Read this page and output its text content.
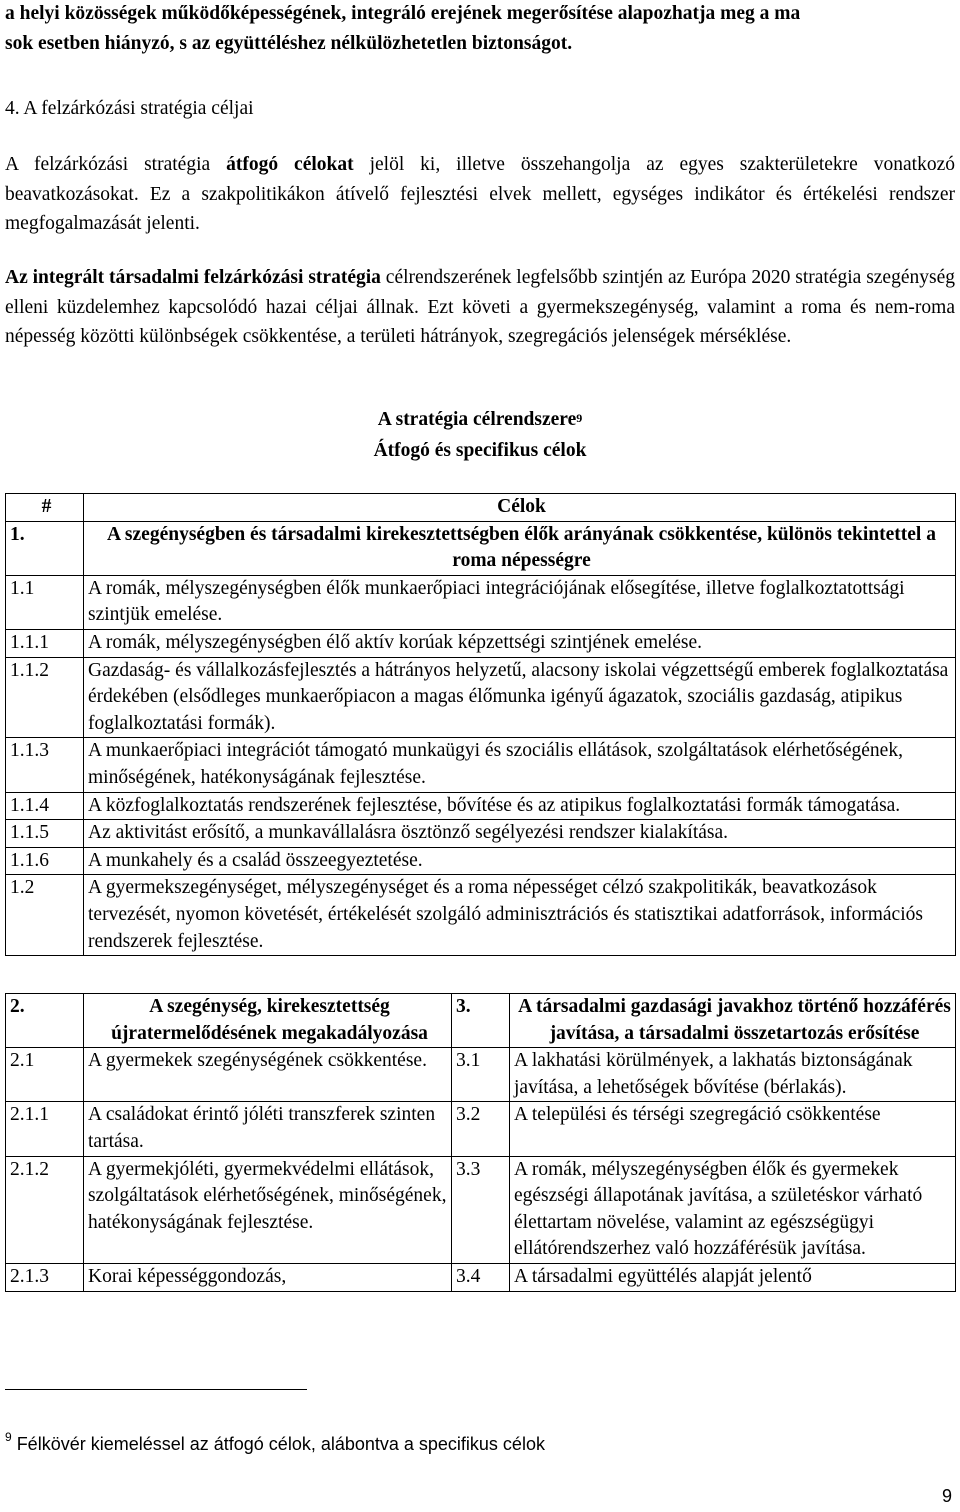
a helyi közösségek működőképességének, integráló erejének megerősítése alapozhatja meg a ma
sok esetben hiányzó, s az együttéléshez nélkülözhetetlen biztonságot.
4. A felzárkózási stratégia céljai

A felzárkózási stratégia átfogó célokat jelöl ki, illetve összehangolja az egyes szakterületekre vonatkozó beavatkozásokat. Ez a szakpolitikákon átívelő fejlesztési elvek mellett, egységes indikátor és értékelési rendszer megfogalmazását jelenti.

Az integrált társadalmi felzárkózási stratégia célrendszerének legfelsőbb szintjén az Európa 2020 stratégia szegénység elleni küzdelemhez kapcsolódó hazai céljai állnak. Ezt követi a gyermekszegénység, valamint a roma és nem-roma népesség közötti különbségek csökkentése, a területi hátrányok, szegregációs jelenségek mérséklése.

A stratégia célrendszere$^9$
Átfogó és specifikus célok
#	Célok
1.	A szegénységben és társadalmi kirekesztettségben élők arányának csökkentése, különös tekintettel a roma népességre
1.1	A romák, mélyszegénységben élők munkaerőpiaci integrációjának elősegítése, illetve foglalkoztatottsági szintjük emelése.
1.1.1	A romák, mélyszegénységben élő aktív korúak képzettségi szintjének emelése.
1.1.2	Gazdaság- és vállalkozásfejlesztés a hátrányos helyzetű, alacsony iskolai végzettségű emberek foglalkoztatása érdekében (elsődleges munkaerőpiacon a magas élőmunka igényű ágazatok, szociális gazdaság, atipikus foglalkoztatási formák).
1.1.3	A munkaerőpiaci integrációt támogató munkaügyi és szociális ellátások, szolgáltatások elérhetőségének, minőségének, hatékonyságának fejlesztése.
1.1.4	A közfoglalkoztatás rendszerének fejlesztése, bővítése és az atipikus foglalkoztatási formák támogatása.
1.1.5	Az aktivitást erősítő, a munkavállalásra ösztönző segélyezési rendszer kialakítása.
1.1.6	A munkahely és a család összeegyeztetése.
1.2	A gyermekszegénységet, mélyszegénységet és a roma népességet célzó szakpolitikák, beavatkozások tervezését, nyomon követését, értékelését szolgáló adminisztrációs és statisztikai adatforrások, információs rendszerek fejlesztése.
2.	A szegénység, kirekesztettség újratermelődésének megakadályozása	3.	A társadalmi gazdasági javakhoz történő hozzáférés javítása, a társadalmi összetartozás erősítése
2.1	A gyermekek szegénységének csökkentése.	3.1	A lakhatási körülmények, a lakhatás biztonságának javítása, a lehetőségek bővítése (bérlakás).
2.1.1	A családokat érintő jóléti transzferek szinten tartása.	3.2	A települési és térségi szegregáció csökkentése
2.1.2	A gyermekjóléti, gyermekvédelmi ellátások, szolgáltatások elérhetőségének, minőségének, hatékonyságának fejlesztése.	3.3	A romák, mélyszegénységben élők és gyermekek egészségi állapotának javítása, a születéskor várható élettartam növelése, valamint az egészségügyi ellátórendszerhez való hozzáférésük javítása.
2.1.3	Korai képességgondozás,	3.4	A társadalmi együttélés alapját jelentő
$^9$ Félkövér kiemeléssel az átfogó célok, alábontva a specifikus célok
9
